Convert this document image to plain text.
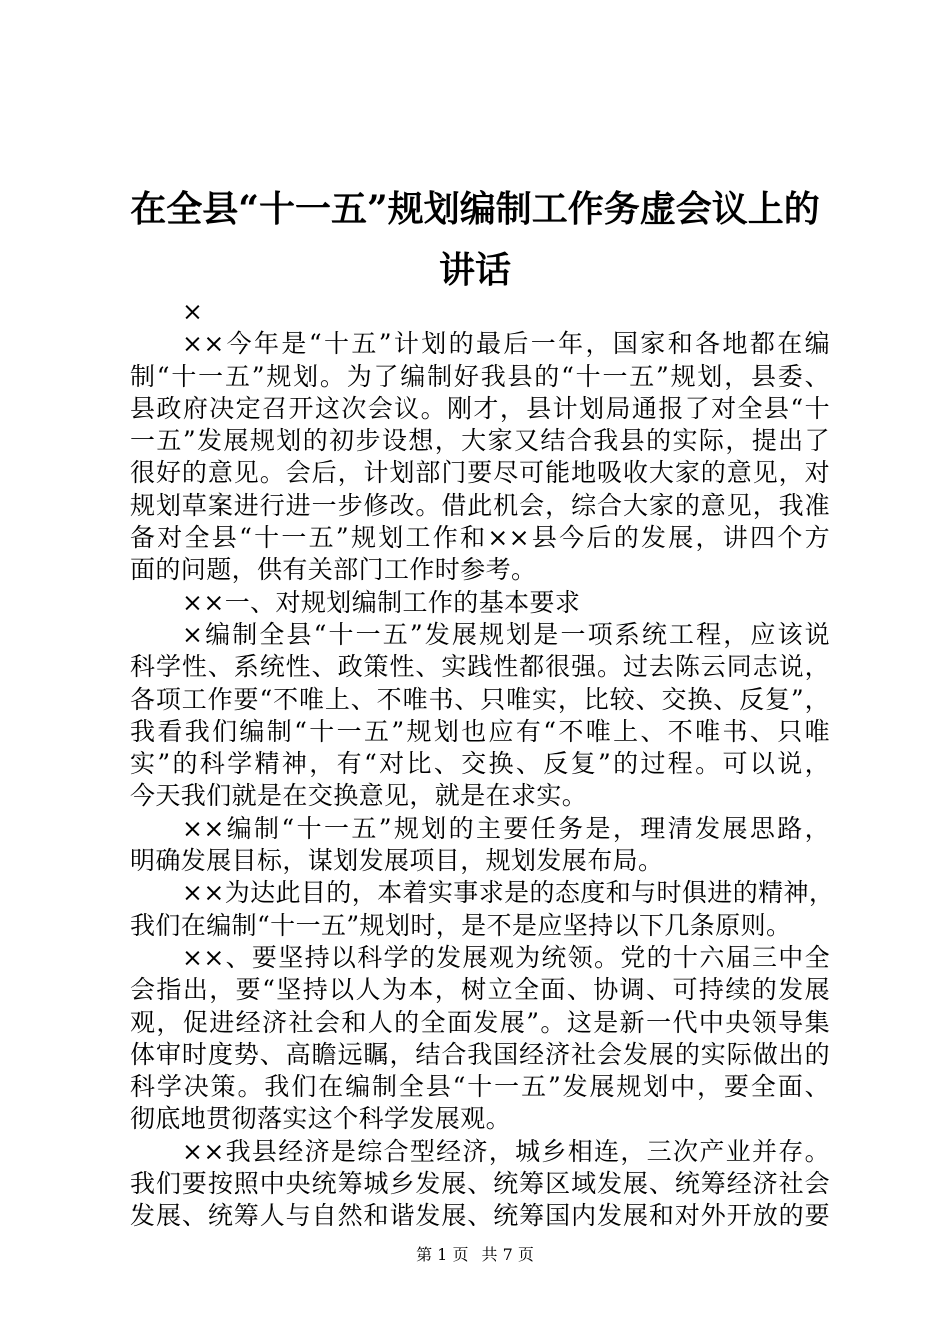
在全县“十一五”规划编制工作务虚会议上的
讲话
×
××今年是“十五”计划的最后一年，国家和各地都在编
制“十一五”规划。为了编制好我县的“十一五”规划，县委、
县政府决定召开这次会议。刚才，县计划局通报了对全县“十
一五”发展规划的初步设想，大家又结合我县的实际，提出了
很好的意见。会后，计划部门要尽可能地吸收大家的意见，对
规划草案进行进一步修改。借此机会，综合大家的意见，我准
备对全县“十一五”规划工作和××县今后的发展，讲四个方
面的问题，供有关部门工作时参考。
××一、对规划编制工作的基本要求
×编制全县“十一五”发展规划是一项系统工程，应该说
科学性、系统性、政策性、实践性都很强。过去陈云同志说，
各项工作要“不唯上、不唯书、只唯实，比较、交换、反复”，
我看我们编制“十一五”规划也应有“不唯上、不唯书、只唯
实”的科学精神，有“对比、交换、反复”的过程。可以说，
今天我们就是在交换意见，就是在求实。
××编制“十一五”规划的主要任务是，理清发展思路，
明确发展目标，谋划发展项目，规划发展布局。
××为达此目的，本着实事求是的态度和与时俱进的精神，
我们在编制“十一五”规划时，是不是应坚持以下几条原则。
××、要坚持以科学的发展观为统领。党的十六届三中全
会指出，要“坚持以人为本，树立全面、协调、可持续的发展
观，促进经济社会和人的全面发展”。这是新一代中央领导集
体审时度势、高瞻远瞩，结合我国经济社会发展的实际做出的
科学决策。我们在编制全县“十一五”发展规划中，要全面、
彻底地贯彻落实这个科学发展观。
××我县经济是综合型经济，城乡相连，三次产业并存。
我们要按照中央统筹城乡发展、统筹区域发展、统筹经济社会
发展、统筹人与自然和谐发展、统筹国内发展和对外开放的要
第 1 页 共 7 页
